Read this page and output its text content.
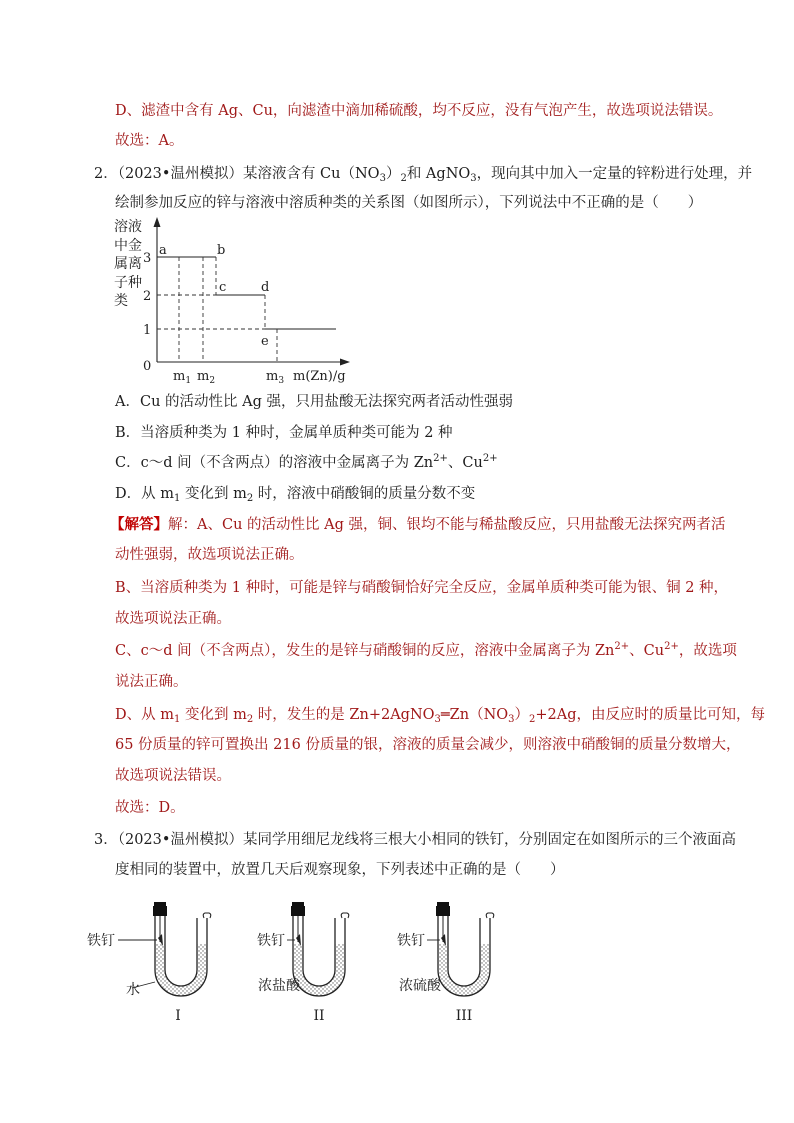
D、滤渣中含有 Ag、Cu，向滤渣中滴加稀硫酸，均不反应，没有气泡产生，故选项说法错误。
故选：A。
2．（2023•温州模拟）某溶液含有 $Cu(NO_3)_2$和 AgNO$_3$，现向其中加入一定量的锌粉进行处理，并
绘制参加反应的锌与溶液中溶质种类的关系图（如图所示），下列说法中不正确的是（　　）
溶液
中金
属离
子种
类
3
2
1
0
a	b
c	d
e
$m_1$ $m_2$	$m_3$ m(Zn)/g
A．Cu 的活动性比 Ag 强，只用盐酸无法探究两者活动性强弱
B．当溶质种类为 1 种时，金属单质种类可能为 2 种
C．c～d 间（不含两点）的溶液中金属离子为 $Zn^{2+}$、$Cu^{2+}$
D．从 $m_1$ 变化到 $m_2$ 时，溶液中硝酸铜的质量分数不变
【解答】解：A、Cu 的活动性比 Ag 强，铜、银均不能与稀盐酸反应，只用盐酸无法探究两者活
动性强弱，故选项说法正确。
B、当溶质种类为 1 种时，可能是锌与硝酸铜恰好完全反应，金属单质种类可能为银、铜 2 种，
故选项说法正确。
C、c～d 间（不含两点），发生的是锌与硝酸铜的反应，溶液中金属离子为 $Zn^{2+}$、$Cu^{2+}$，故选项
说法正确。
D、从 $m_1$ 变化到 $m_2$ 时，发生的是 $Zn+2AgNO_3═Zn(NO_3)_2+2Ag$，由反应时的质量比可知，每
65 份质量的锌可置换出 216 份质量的银，溶液的质量会减少，则溶液中硝酸铜的质量分数增大，
故选项说法错误。
故选：D。
3．（2023•温州模拟）某同学用细尼龙线将三根大小相同的铁钉，分别固定在如图所示的三个液面高
度相同的装置中，放置几天后观察现象，下列表述中正确的是（　　）
铁钉
水
I
铁钉
浓盐酸
II
铁钉
浓硫酸
III
